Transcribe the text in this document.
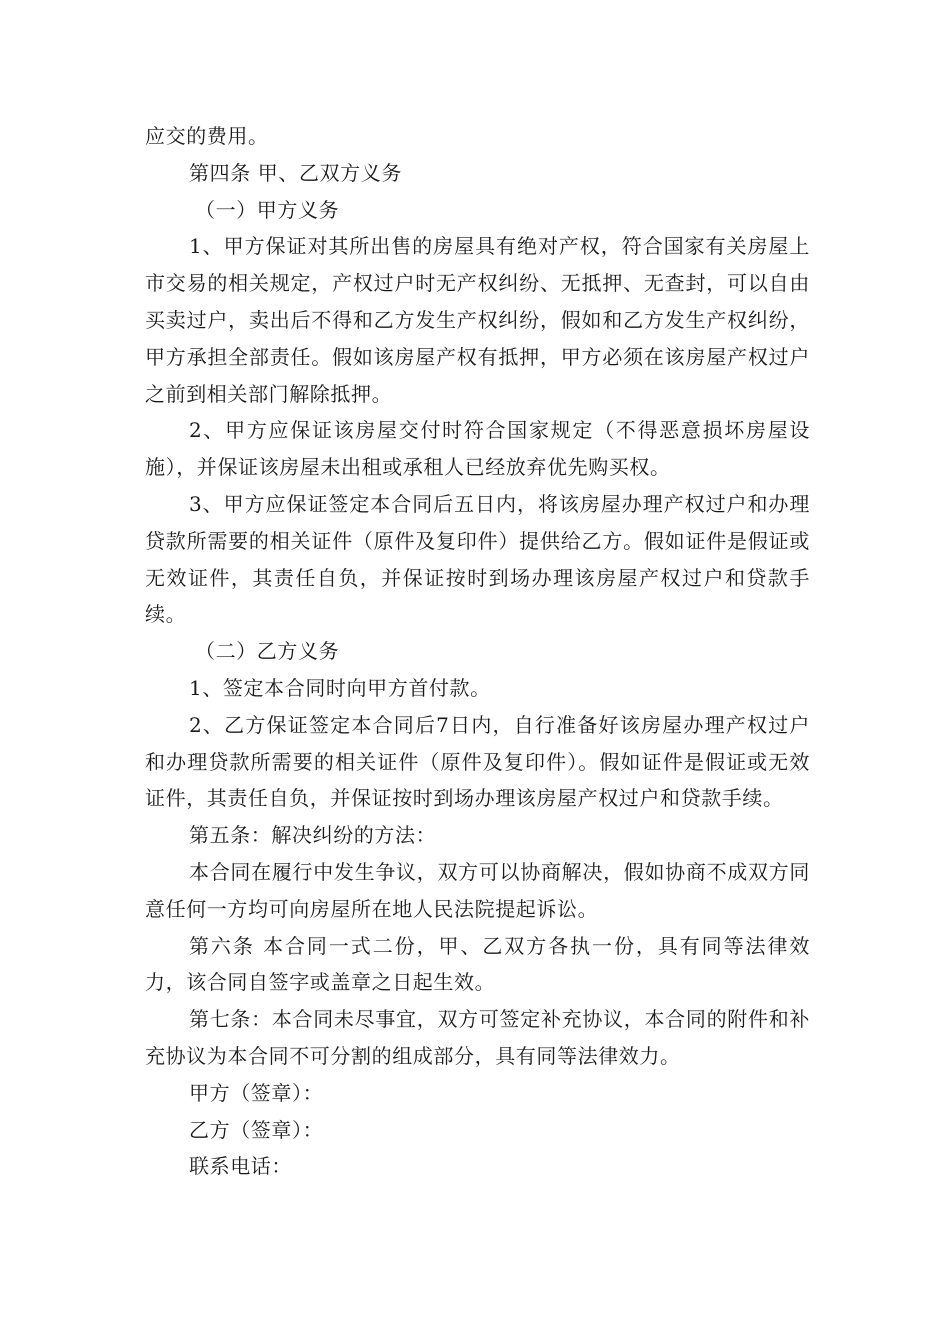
应交的费用。

第四条 甲、乙双方义务

（一）甲方义务

1、甲方保证对其所出售的房屋具有绝对产权，符合国家有关房屋上市交易的相关规定，产权过户时无产权纠纷、无抵押、无查封，可以自由买卖过户，卖出后不得和乙方发生产权纠纷，假如和乙方发生产权纠纷，甲方承担全部责任。假如该房屋产权有抵押，甲方必须在该房屋产权过户之前到相关部门解除抵押。

2、甲方应保证该房屋交付时符合国家规定（不得恶意损坏房屋设施），并保证该房屋未出租或承租人已经放弃优先购买权。

3、甲方应保证签定本合同后五日内，将该房屋办理产权过户和办理贷款所需要的相关证件（原件及复印件）提供给乙方。假如证件是假证或无效证件，其责任自负，并保证按时到场办理该房屋产权过户和贷款手续。

（二）乙方义务

1、签定本合同时向甲方首付款。

2、乙方保证签定本合同后7日内，自行准备好该房屋办理产权过户和办理贷款所需要的相关证件（原件及复印件）。假如证件是假证或无效证件，其责任自负，并保证按时到场办理该房屋产权过户和贷款手续。

第五条：解决纠纷的方法：

本合同在履行中发生争议，双方可以协商解决，假如协商不成双方同意任何一方均可向房屋所在地人民法院提起诉讼。

第六条 本合同一式二份，甲、乙双方各执一份，具有同等法律效力，该合同自签字或盖章之日起生效。

第七条：本合同未尽事宜，双方可签定补充协议，本合同的附件和补充协议为本合同不可分割的组成部分，具有同等法律效力。

甲方（签章）：

乙方（签章）：

联系电话：
